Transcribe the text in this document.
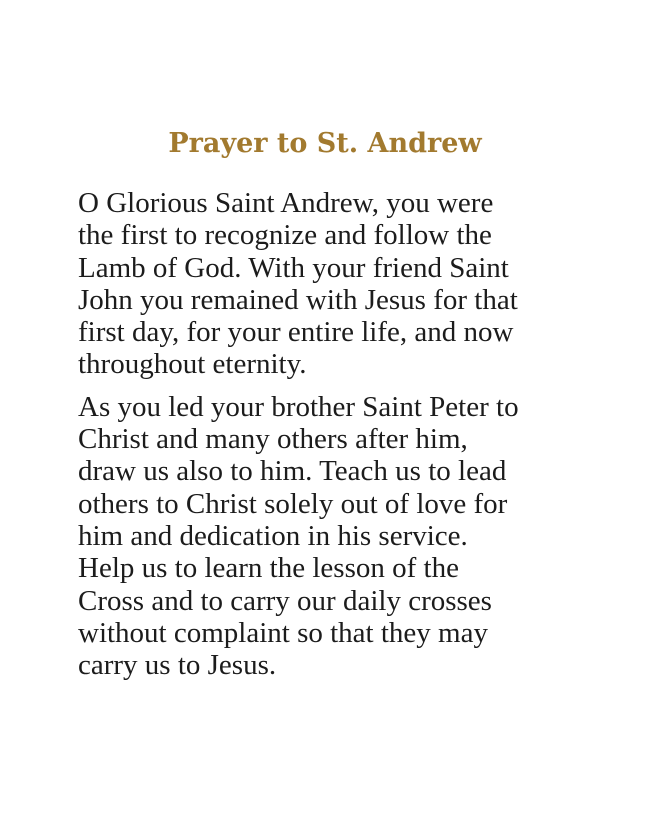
Prayer to St. Andrew

O Glorious Saint Andrew, you were
the first to recognize and follow the
Lamb of God. With your friend Saint
John you remained with Jesus for that
first day, for your entire life, and now
throughout eternity.

As you led your brother Saint Peter to
Christ and many others after him,
draw us also to him. Teach us to lead
others to Christ solely out of love for
him and dedication in his service.
Help us to learn the lesson of the
Cross and to carry our daily crosses
without complaint so that they may
carry us to Jesus.
